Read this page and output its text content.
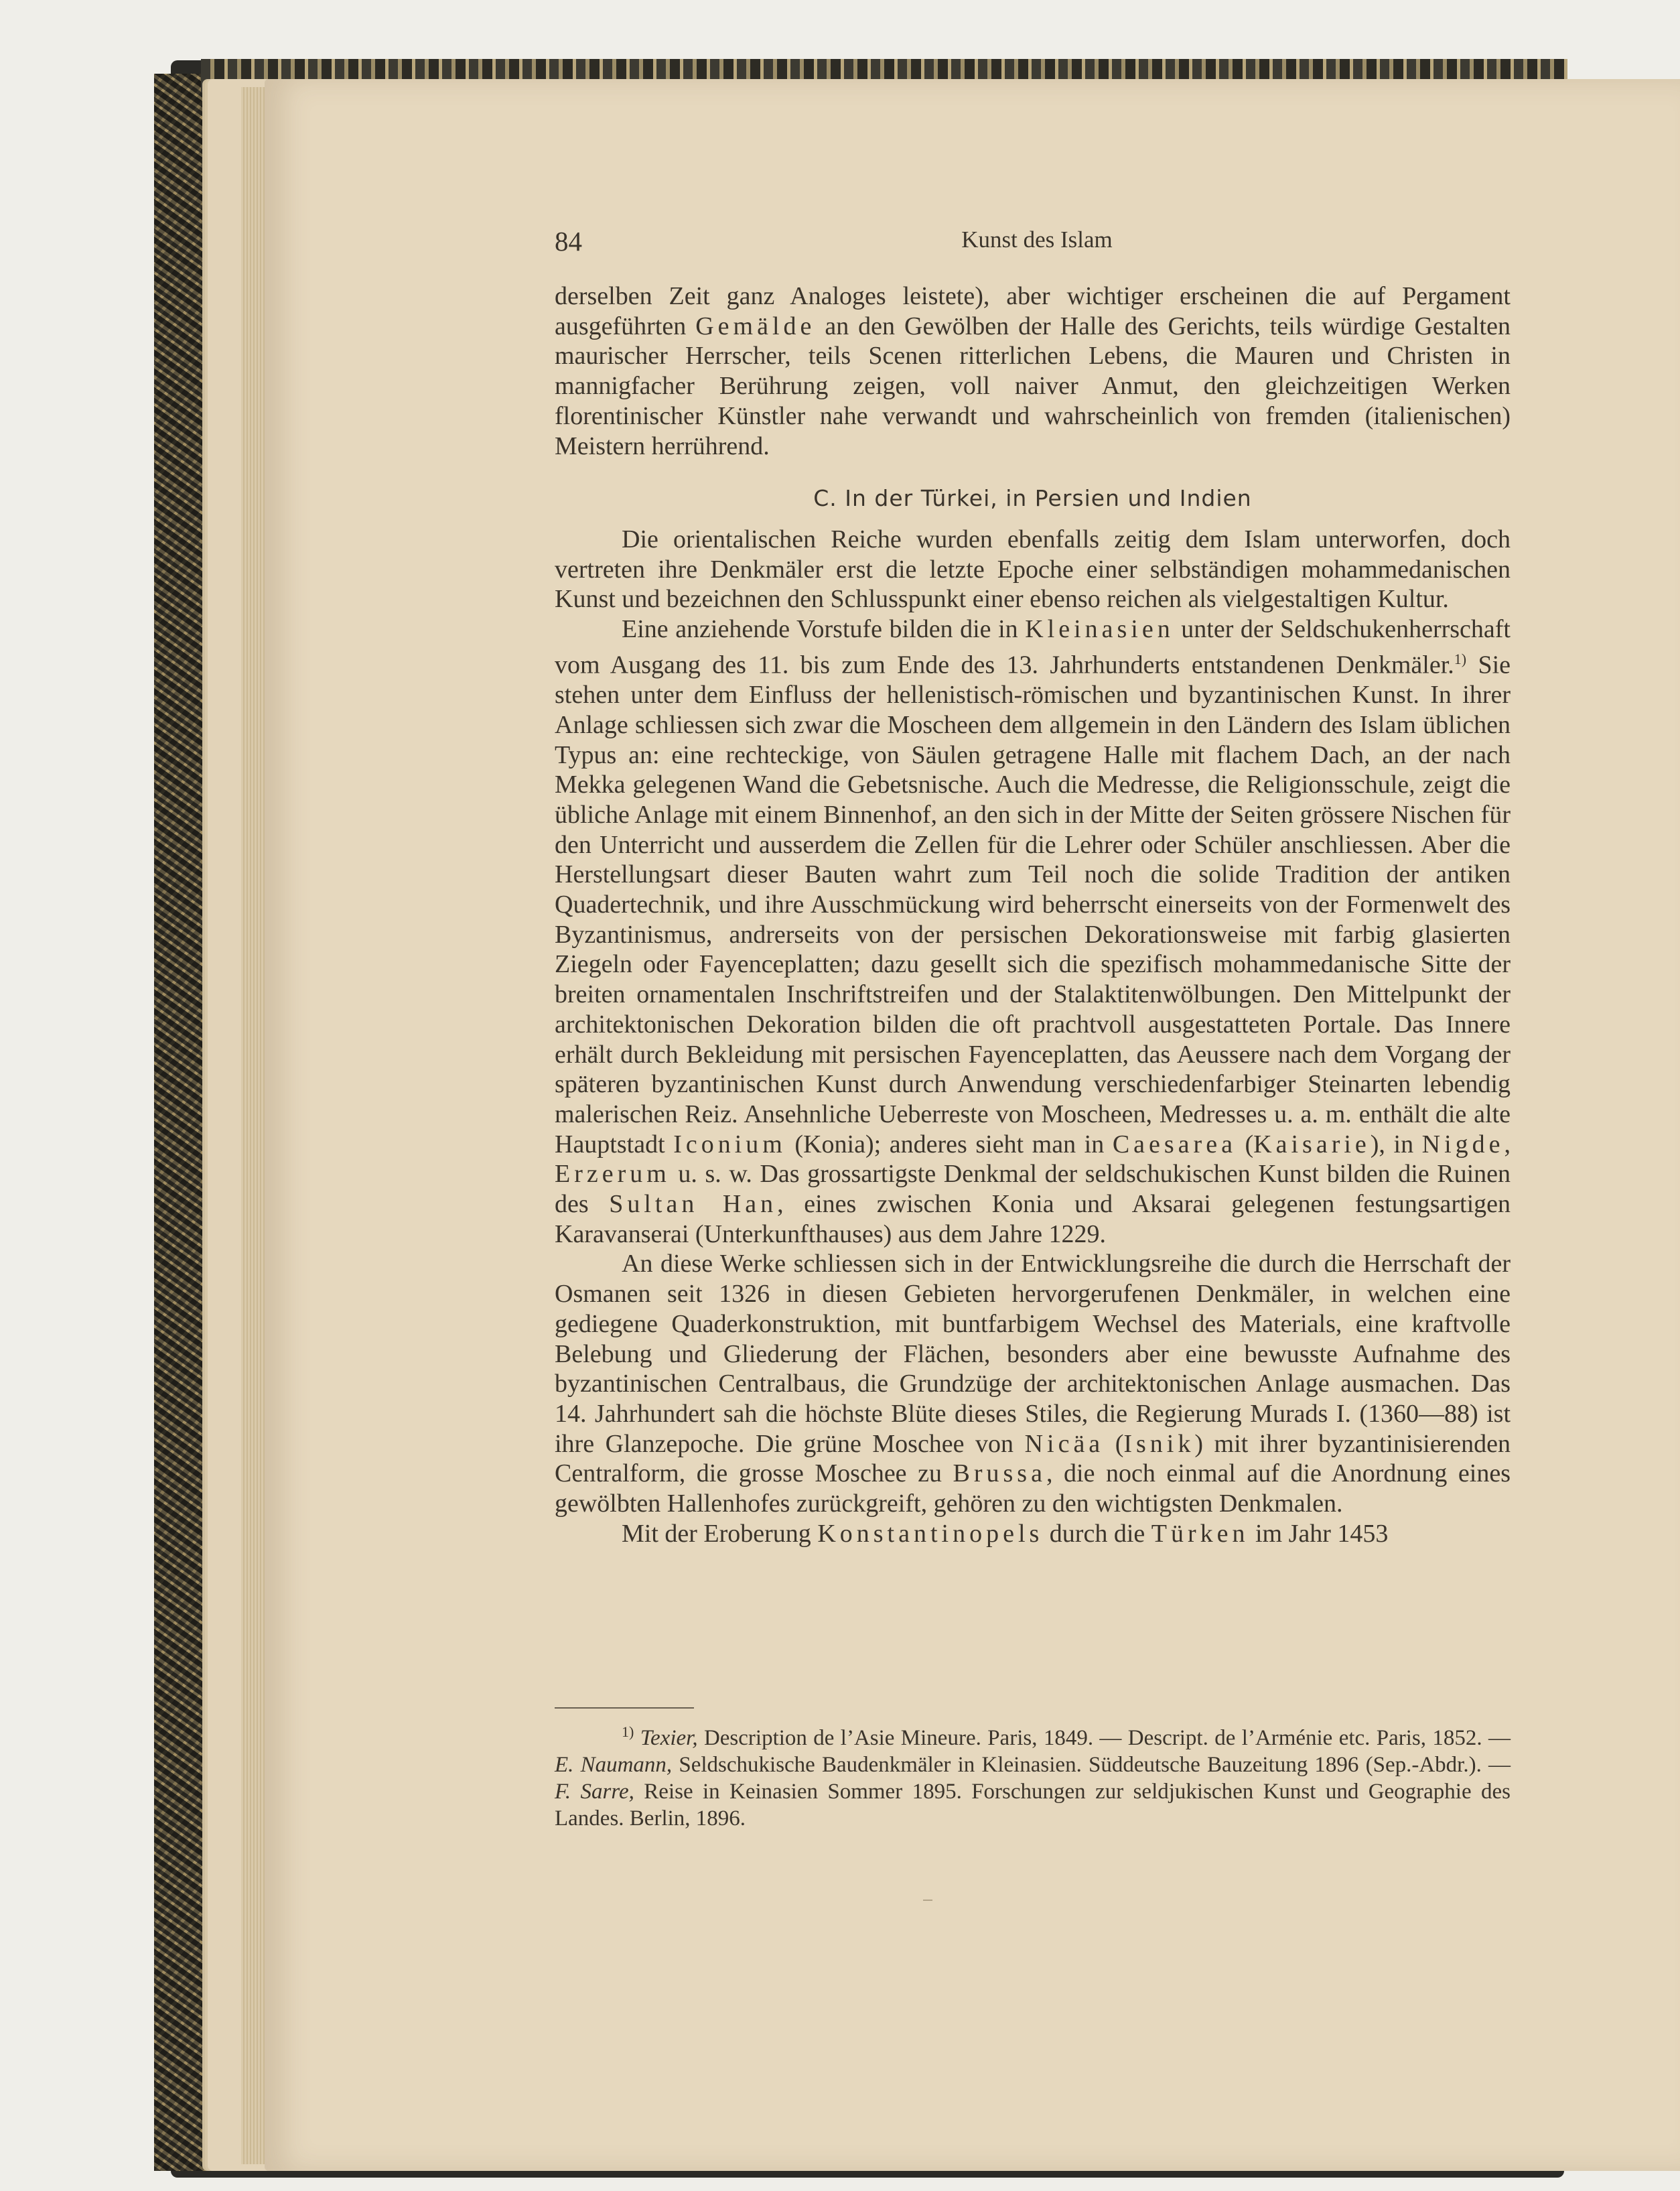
84	Kunst des Islam

derselben Zeit ganz Analoges leistete), aber wichtiger erscheinen die auf Pergament ausgeführten Gemälde an den Gewölben der Halle des Gerichts, teils würdige Gestalten maurischer Herrscher, teils Scenen ritterlichen Lebens, die Mauren und Christen in mannigfacher Berührung zeigen, voll naiver Anmut, den gleichzeitigen Werken florentinischer Künstler nahe verwandt und wahrscheinlich von fremden (italienischen) Meistern herrührend.

C. In der Türkei, in Persien und Indien

Die orientalischen Reiche wurden ebenfalls zeitig dem Islam unterworfen, doch vertreten ihre Denkmäler erst die letzte Epoche einer selbständigen mohammedanischen Kunst und bezeichnen den Schlusspunkt einer ebenso reichen als vielgestaltigen Kultur.

Eine anziehende Vorstufe bilden die in Kleinasien unter der Seldschukenherrschaft vom Ausgang des 11. bis zum Ende des 13. Jahrhunderts entstandenen Denkmäler.$^{1)}$ Sie stehen unter dem Einfluss der hellenistisch-römischen und byzantinischen Kunst. In ihrer Anlage schliessen sich zwar die Moscheen dem allgemein in den Ländern des Islam üblichen Typus an: eine rechteckige, von Säulen getragene Halle mit flachem Dach, an der nach Mekka gelegenen Wand die Gebetsnische. Auch die Medresse, die Religionsschule, zeigt die übliche Anlage mit einem Binnenhof, an den sich in der Mitte der Seiten grössere Nischen für den Unterricht und ausserdem die Zellen für die Lehrer oder Schüler anschliessen. Aber die Herstellungsart dieser Bauten wahrt zum Teil noch die solide Tradition der antiken Quadertechnik, und ihre Ausschmückung wird beherrscht einerseits von der Formenwelt des Byzantinismus, andrerseits von der persischen Dekorationsweise mit farbig glasierten Ziegeln oder Fayenceplatten; dazu gesellt sich die spezifisch mohammedanische Sitte der breiten ornamentalen Inschriftstreifen und der Stalaktitenwölbungen. Den Mittelpunkt der architektonischen Dekoration bilden die oft prachtvoll ausgestatteten Portale. Das Innere erhält durch Bekleidung mit persischen Fayenceplatten, das Aeussere nach dem Vorgang der späteren byzantinischen Kunst durch Anwendung verschiedenfarbiger Steinarten lebendig malerischen Reiz. Ansehnliche Ueberreste von Moscheen, Medresses u. a. m. enthält die alte Hauptstadt Iconium (Konia); anderes sieht man in Caesarea (Kaisarie), in Nigde, Erzerum u. s. w. Das grossartigste Denkmal der seldschukischen Kunst bilden die Ruinen des Sultan Han, eines zwischen Konia und Aksarai gelegenen festungsartigen Karavanserai (Unterkunfthauses) aus dem Jahre 1229.

An diese Werke schliessen sich in der Entwicklungsreihe die durch die Herrschaft der Osmanen seit 1326 in diesen Gebieten hervorgerufenen Denkmäler, in welchen eine gediegene Quaderkonstruktion, mit buntfarbigem Wechsel des Materials, eine kraftvolle Belebung und Gliederung der Flächen, besonders aber eine bewusste Aufnahme des byzantinischen Centralbaus, die Grundzüge der architektonischen Anlage ausmachen. Das 14. Jahrhundert sah die höchste Blüte dieses Stiles, die Regierung Murads I. (1360—88) ist ihre Glanzepoche. Die grüne Moschee von Nicäa (Isnik) mit ihrer byzantinisierenden Centralform, die grosse Moschee zu Brussa, die noch einmal auf die Anordnung eines gewölbten Hallenhofes zurückgreift, gehören zu den wichtigsten Denkmalen.

Mit der Eroberung Konstantinopels durch die Türken im Jahr 1453

$^{1)}$ Texier, Description de l’Asie Mineure. Paris, 1849. — Descript. de l’Arménie etc. Paris, 1852. — E. Naumann, Seldschukische Baudenkmäler in Kleinasien. Süddeutsche Bauzeitung 1896 (Sep.-Abdr.). — F. Sarre, Reise in Keinasien Sommer 1895. Forschungen zur seldjukischen Kunst und Geographie des Landes. Berlin, 1896.
